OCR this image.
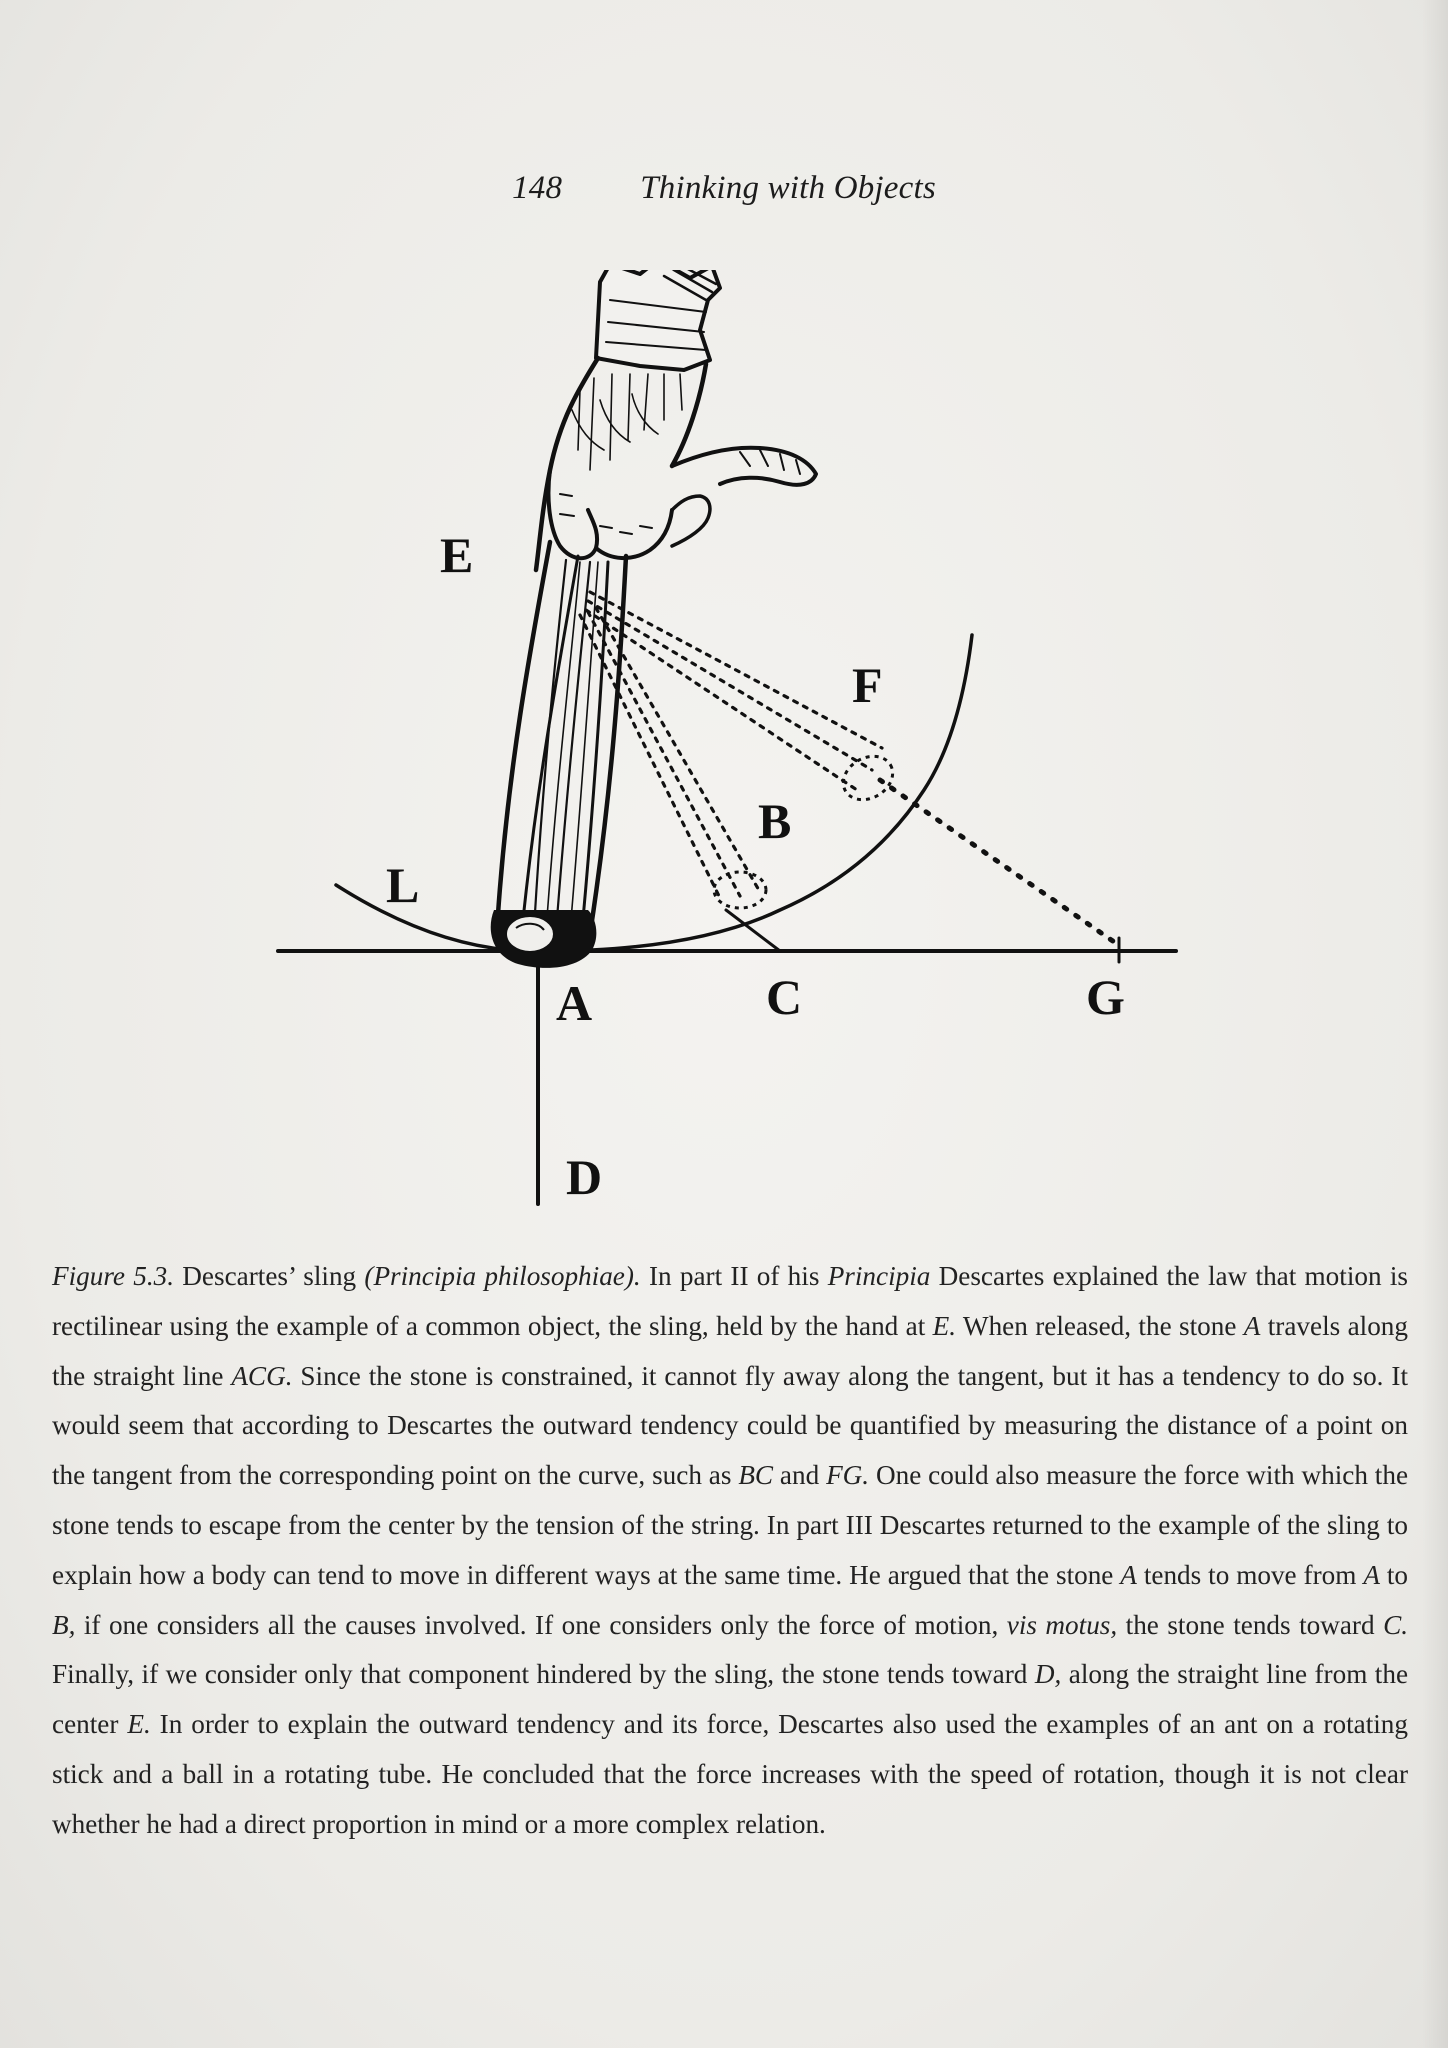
148 Thinking with Objects
E
F
B
L
A	C	G
D
Figure 5.3. Descartes’ sling (Principia philosophiae). In part II of his Principia Descartes explained the law that motion is rectilinear using the example of a common object, the sling, held by the hand at E. When released, the stone A travels along the straight line ACG. Since the stone is constrained, it cannot fly away along the tangent, but it has a tendency to do so. It would seem that according to Descartes the outward tendency could be quantified by measuring the distance of a point on the tangent from the corresponding point on the curve, such as BC and FG. One could also measure the force with which the stone tends to escape from the center by the tension of the string. In part III Descartes returned to the example of the sling to explain how a body can tend to move in different ways at the same time. He argued that the stone A tends to move from A to B, if one considers all the causes involved. If one considers only the force of motion, vis motus, the stone tends toward C. Finally, if we consider only that component hindered by the sling, the stone tends toward D, along the straight line from the center E. In order to explain the outward tendency and its force, Descartes also used the examples of an ant on a rotating stick and a ball in a rotating tube. He concluded that the force increases with the speed of rotation, though it is not clear whether he had a direct proportion in mind or a more complex relation.
